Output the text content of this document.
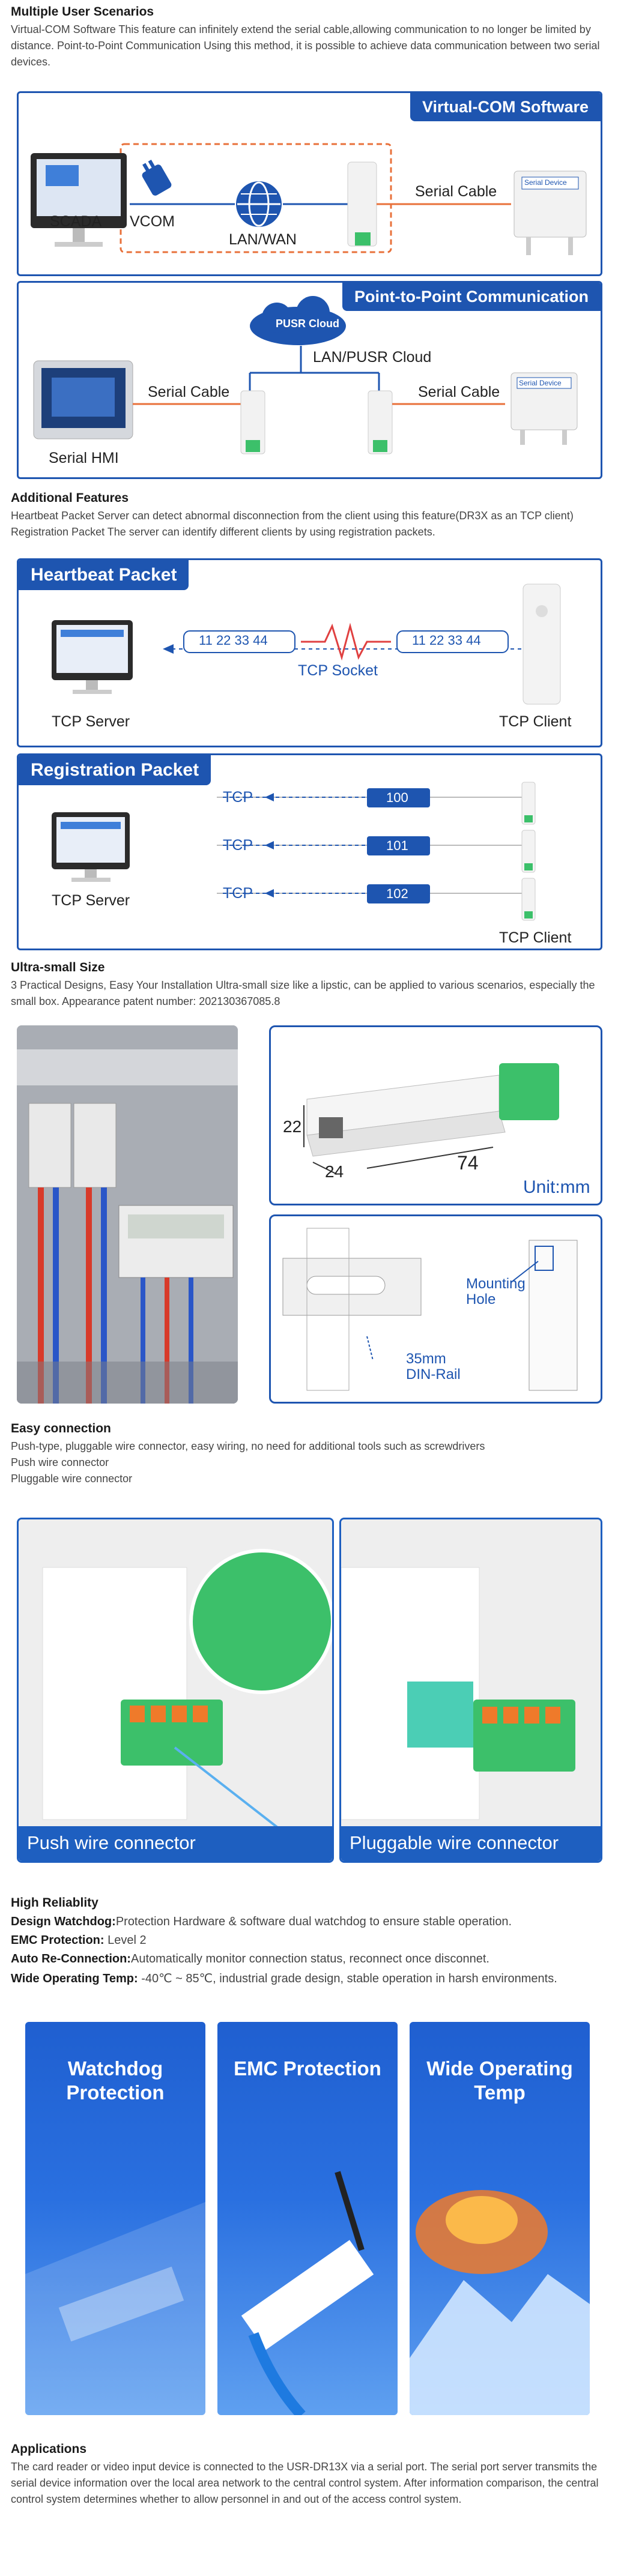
Multiple User Scenarios
Virtual-COM Software This feature can infinitely extend the serial cable,allowing communication to no longer be limited by distance. Point-to-Point Communication Using this method, it is possible to achieve data communication between two serial devices.
Virtual-COM Software
SCADA VCOM
LAN/WAN
Serial Cable
Serial Device
Point-to-Point Communication
PUSR Cloud
LAN/PUSR Cloud
Serial Cable	Serial Cable
Serial HMI
Serial Device
Additional Features
Heartbeat Packet Server can detect abnormal disconnection from the client using this feature(DR3X as an TCP client) Registration Packet The server can identify different clients by using registration packets.
Heartbeat Packet
11 22 33 44	11 22 33 44
TCP Socket
TCP Server	TCP Client
Registration Packet
TCP
TCP
TCP
100
101
102
TCP Server
TCP Client
Ultra-small Size
3 Practical Designs, Easy Your Installation Ultra-small size like a lipstic, can be applied to various scenarios, especially the small box. Appearance patent number: 202130367085.8
22
24	74
Unit:mm
Mounting Hole
35mm DIN-Rail
Easy connection
Push-type, pluggable wire connector, easy wiring, no need for additional tools such as screwdrivers
Push wire connector
Pluggable wire connector
Push wire connector	Pluggable wire connector
High Reliablity
Design Watchdog:Protection Hardware & software dual watchdog to ensure stable operation.
EMC Protection: Level 2
Auto Re-Connection:Automatically monitor connection status, reconnect once disconnet.
Wide Operating Temp: -40℃ ~ 85℃, industrial grade design, stable operation in harsh environments.
Watchdog Protection
EMC Protection	Wide Operating Temp
Applications
The card reader or video input device is connected to the USR-DR13X via a serial port. The serial port server transmits the serial device information over the local area network to the central control system. After information comparison, the central control system determines whether to allow personnel in and out of the access control system.
